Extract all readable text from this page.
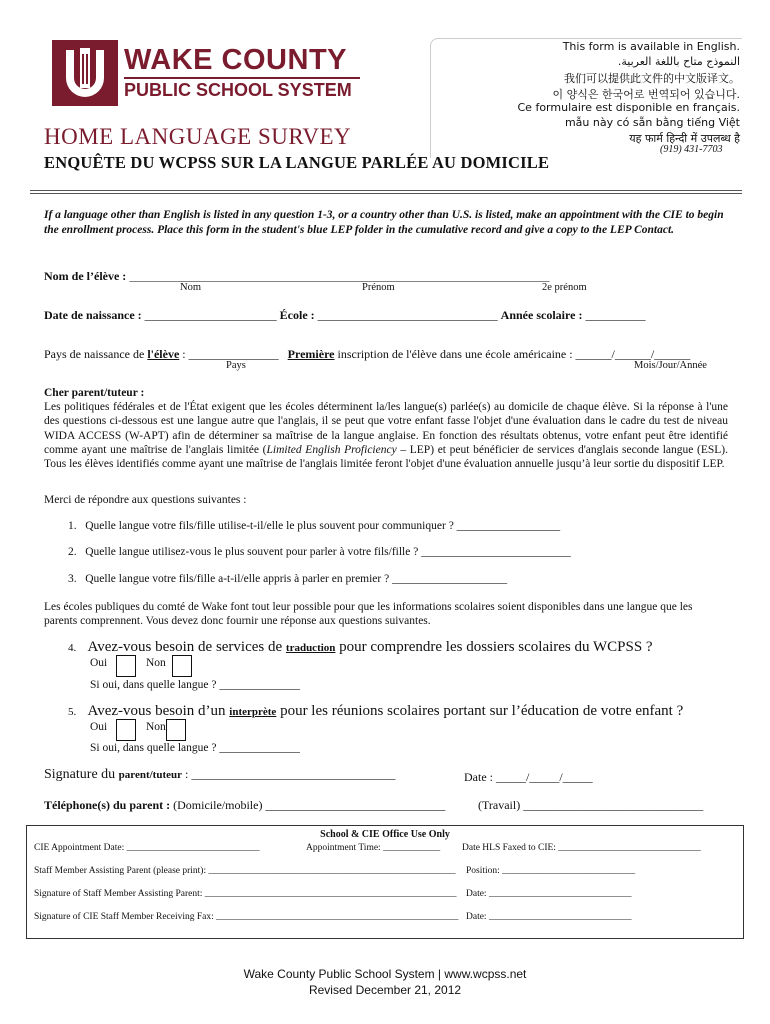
WAKE COUNTY
PUBLIC SCHOOL SYSTEM
This form is available in English.
.اﻟﻨﻤﻮذج ﻣﺘﺎح ﺑﺎﻟﻠﻐﺔ اﻟﻌﺮﺑﻴﺔ
我们可以提供此文件的中文版译文。
이 양식은 한국어로 번역되어 있습니다.
Ce formulaire est disponible en français.
mẫu này có sẵn bằng tiếng Việt
यह फार्म हिन्दी में उपलब्ध है
HOME LANGUAGE SURVEY
(919) 431-7703
ENQUÊTE DU WCPSS SUR LA LANGUE PARLÉE AU DOMICILE
If a language other than English is listed in any question 1-3, or a country other than U.S. is listed, make an appointment with the CIE to begin the enrollment process. Place this form in the student's blue LEP folder in the cumulative record and give a copy to the LEP Contact.
Nom de l’élève : ____________________________________________________________________________________
Nom	Prénom	2e prénom
Date de naissance : ______________________ École : ______________________________ Année scolaire : __________
Pays de naissance de l'élève : _______________ Première inscription de l'élève dans une école américaine : ______/______/______
Pays	Mois/Jour/Année
Cher parent/tuteur :
Les politiques fédérales et de l'État exigent que les écoles déterminent la/les langue(s) parlée(s) au domicile de chaque élève. Si la réponse à l'une des questions ci-dessous est une langue autre que l'anglais, il se peut que votre enfant fasse l'objet d'une évaluation dans le cadre du test de niveau WIDA ACCESS (W-APT) afin de déterminer sa maîtrise de la langue anglaise. En fonction des résultats obtenus, votre enfant peut être identifié comme ayant une maîtrise de l'anglais limitée (Limited English Proficiency – LEP) et peut bénéficier de services d'anglais seconde langue (ESL). Tous les élèves identifiés comme ayant une maîtrise de l'anglais limitée feront l'objet d'une évaluation annuelle jusqu’à leur sortie du dispositif LEP.
Merci de répondre aux questions suivantes :
1. Quelle langue votre fils/fille utilise-t-il/elle le plus souvent pour communiquer ? __________________
2. Quelle langue utilisez-vous le plus souvent pour parler à votre fils/fille ? __________________________
3. Quelle langue votre fils/fille a-t-il/elle appris à parler en premier ? ____________________
Les écoles publiques du comté de Wake font tout leur possible pour que les informations scolaires soient disponibles dans une langue que les parents comprennent. Vous devez donc fournir une réponse aux questions suivantes.
4. Avez-vous besoin de services de traduction pour comprendre les dossiers scolaires du WCPSS ?
Oui	Non
Si oui, dans quelle langue ? ______________
5. Avez-vous besoin d’un interprète pour les réunions scolaires portant sur l’éducation de votre enfant ?
Oui	Non
Si oui, dans quelle langue ? ______________
Signature du parent/tuteur : __________________________________	Date : _____/_____/_____
Téléphone(s) du parent : (Domicile/mobile) ______________________________	(Travail) ______________________________
School & CIE Office Use Only
CIE Appointment Date: ____________________________	Appointment Time: ____________ Date HLS Faxed to CIE: ______________________________
Staff Member Assisting Parent (please print): ____________________________________________________ Position: ____________________________
Signature of Staff Member Assisting Parent: _____________________________________________________ Date: ______________________________
Signature of CIE Staff Member Receiving Fax: ___________________________________________________ Date: ______________________________
Wake County Public School System | www.wcpss.net
Revised December 21, 2012
